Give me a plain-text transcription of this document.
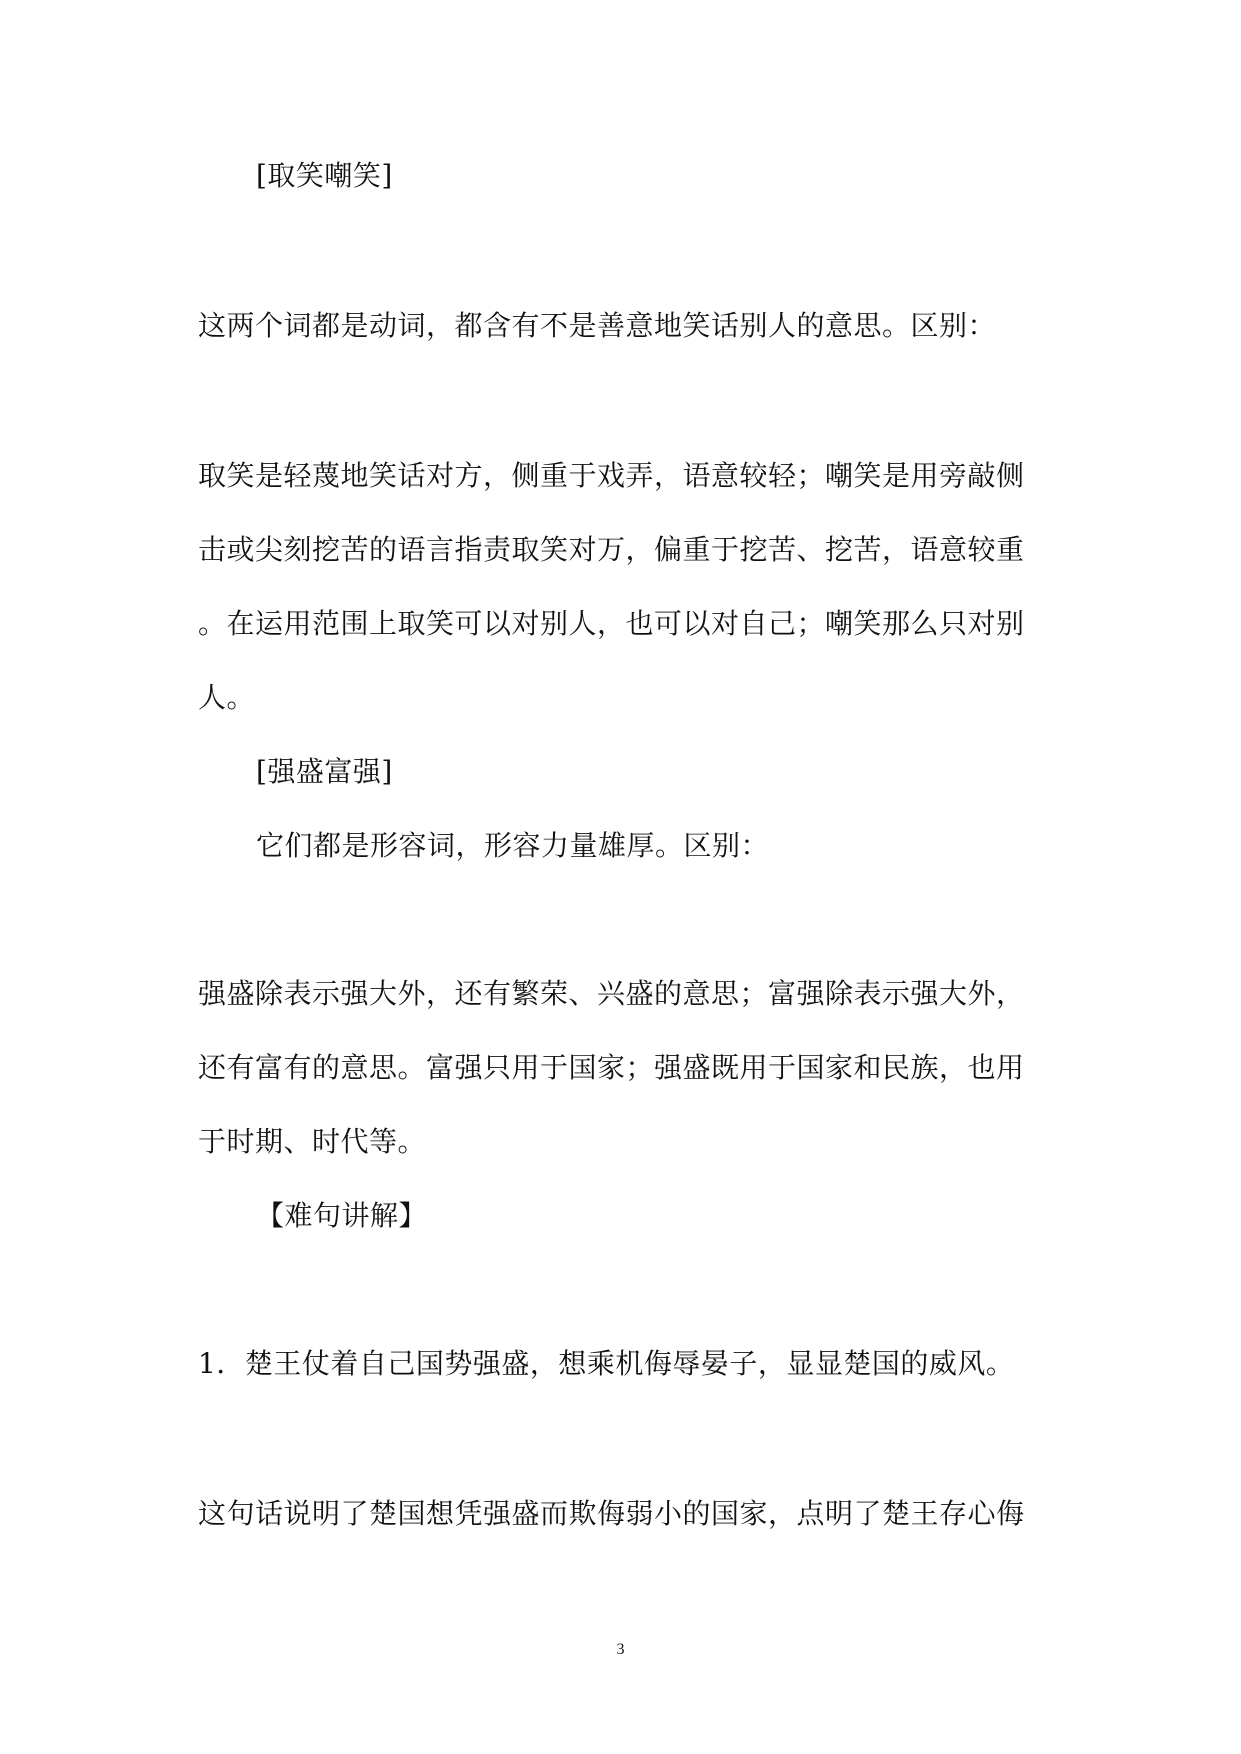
[取笑嘲笑]
这两个词都是动词，都含有不是善意地笑话别人的意思。区别：
取笑是轻蔑地笑话对方，侧重于戏弄，语意较轻；嘲笑是用旁敲侧
击或尖刻挖苦的语言指责取笑对万，偏重于挖苦、挖苦，语意较重
。在运用范围上取笑可以对别人，也可以对自己；嘲笑那么只对别
人。
[强盛富强]
它们都是形容词，形容力量雄厚。区别：
强盛除表示强大外，还有繁荣、兴盛的意思；富强除表示强大外，
还有富有的意思。富强只用于国家；强盛既用于国家和民族，也用
于时期、时代等。
【难句讲解】
1．楚王仗着自己国势强盛，想乘机侮辱晏子，显显楚国的威风。
这句话说明了楚国想凭强盛而欺侮弱小的国家，点明了楚王存心侮
3
